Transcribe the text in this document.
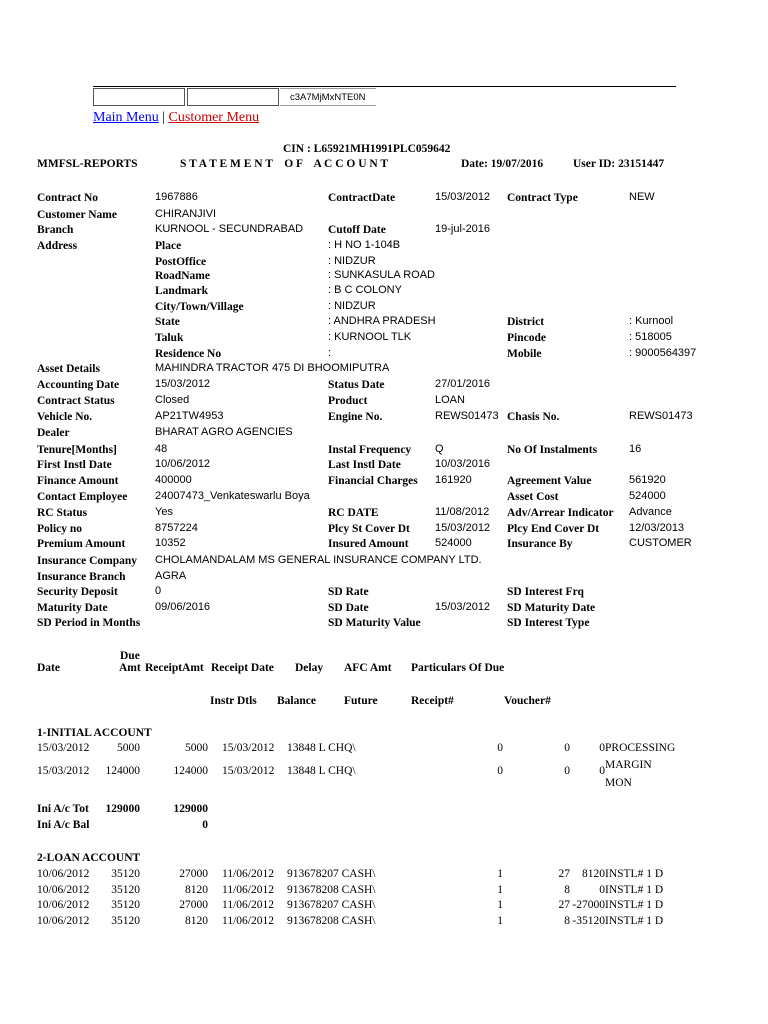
c3A7MjMxNTE0N
Main Menu | Customer Menu
CIN : L65921MH1991PLC059642
MMFSL-REPORTS	S T A T E M E N T    O F    A C C O U N T	Date: 19/07/2016	User ID: 23151447
Contract No	1967886	ContractDate	15/03/2012 Contract Type	NEW
Customer Name	CHIRANJIVI
Branch	KURNOOL - SECUNDRABAD Cutoff Date	19-jul-2016
Address	Place	: H NO 1-104B
PostOffice	: NIDZUR
RoadName	: SUNKASULA ROAD
Landmark	: B C COLONY
City/Town/Village	: NIDZUR
State	: ANDHRA PRADESH	District	: Kurnool
Taluk	: KURNOOL TLK	Pincode	: 518005
Residence No	:	Mobile	: 9000564397
Asset Details	MAHINDRA TRACTOR 475 DI BHOOMIPUTRA
Accounting Date	15/03/2012	Status Date	27/01/2016
Contract Status	Closed	Product	LOAN
Vehicle No.	AP21TW4953	Engine No.	REWS01473 Chasis No.	REWS01473
Dealer	BHARAT AGRO AGENCIES
Tenure[Months]	48	Instal Frequency Q	No Of Instalments	16
First Instl Date	10/06/2012	Last Instl Date	10/03/2016
Finance Amount	400000	Financial Charges 161920	Agreement Value	561920
Contact Employee	24007473_Venkateswarlu Boya	Asset Cost	524000
RC Status	Yes	RC DATE	11/08/2012 Adv/Arrear Indicator Advance
Policy no	8757224	Plcy St Cover Dt 15/03/2012 Plcy End Cover Dt	12/03/2013
Premium Amount	10352	Insured Amount 524000	Insurance By	CUSTOMER
Insurance Company CHOLAMANDALAM MS GENERAL INSURANCE COMPANY LTD.
Insurance Branch	AGRA
Security Deposit	0	SD Rate	SD Interest Frq
Maturity Date	09/06/2016	SD Date	15/03/2012 SD Maturity Date
SD Period in Months	SD Maturity Value	SD Interest Type
Date
Due
Amt ReceiptAmt Receipt Date Delay AFC Amt Particulars Of Due
Instr Dtls Balance Future	Receipt#	Voucher#
1-INITIAL ACCOUNT
15/03/2012	5000	5000 15/03/2012 13848 L CHQ\	0	0	0 PROCESSING
15/03/2012	124000	124000 15/03/2012 13848 L CHQ\	0	0	0 MARGIN
MON
Ini A/c Tot	129000	129000
Ini A/c Bal	0
2-LOAN ACCOUNT
10/06/2012	35120	27000 11/06/2012 913678207 CASH\	1	27	8120 INSTL# 1 D
10/06/2012	35120	8120 11/06/2012 913678208 CASH\	1	8	0 INSTL# 1 D
10/06/2012	35120	27000 11/06/2012 913678207 CASH\	1	27 -27000 INSTL# 1 D
10/06/2012	35120	8120 11/06/2012 913678208 CASH\	1	8 -35120 INSTL# 1 D
